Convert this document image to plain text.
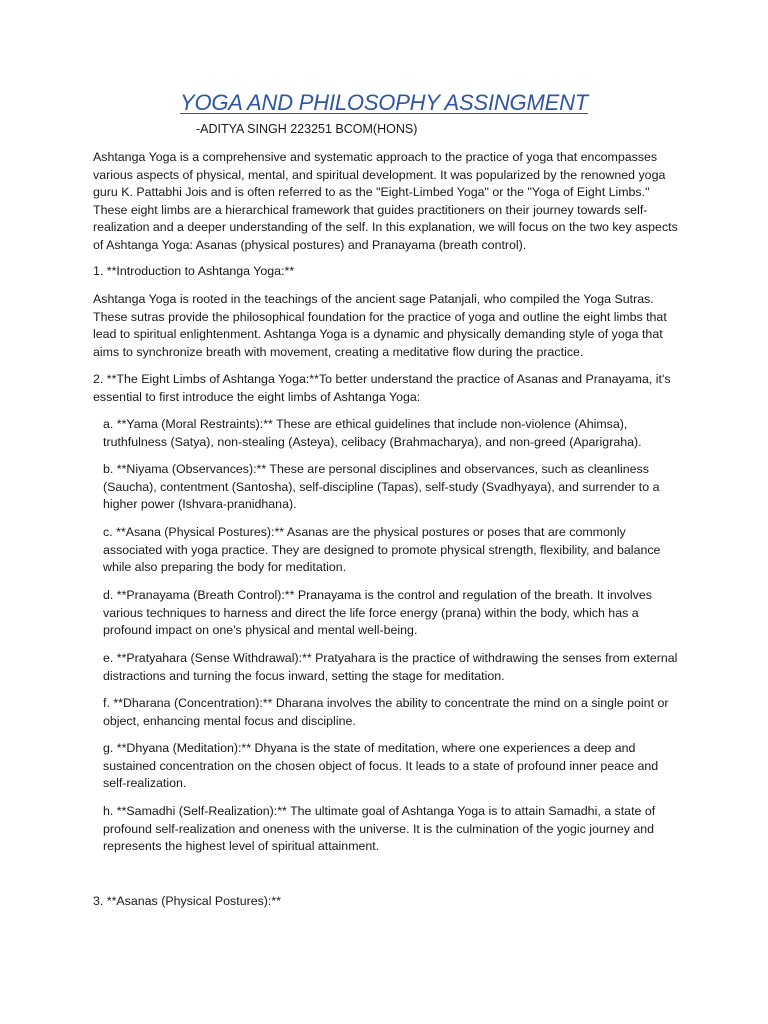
YOGA AND PHILOSOPHY ASSINGMENT
-ADITYA SINGH 223251 BCOM(HONS)

Ashtanga Yoga is a comprehensive and systematic approach to the practice of yoga that encompasses various aspects of physical, mental, and spiritual development. It was popularized by the renowned yoga guru K. Pattabhi Jois and is often referred to as the "Eight-Limbed Yoga" or the "Yoga of Eight Limbs." These eight limbs are a hierarchical framework that guides practitioners on their journey towards self-realization and a deeper understanding of the self. In this explanation, we will focus on the two key aspects of Ashtanga Yoga: Asanas (physical postures) and Pranayama (breath control).

1. **Introduction to Ashtanga Yoga:**

Ashtanga Yoga is rooted in the teachings of the ancient sage Patanjali, who compiled the Yoga Sutras. These sutras provide the philosophical foundation for the practice of yoga and outline the eight limbs that lead to spiritual enlightenment. Ashtanga Yoga is a dynamic and physically demanding style of yoga that aims to synchronize breath with movement, creating a meditative flow during the practice.

2. **The Eight Limbs of Ashtanga Yoga:**To better understand the practice of Asanas and Pranayama, it's essential to first introduce the eight limbs of Ashtanga Yoga:

a. **Yama (Moral Restraints):** These are ethical guidelines that include non-violence (Ahimsa), truthfulness (Satya), non-stealing (Asteya), celibacy (Brahmacharya), and non-greed (Aparigraha).

b. **Niyama (Observances):** These are personal disciplines and observances, such as cleanliness (Saucha), contentment (Santosha), self-discipline (Tapas), self-study (Svadhyaya), and surrender to a higher power (Ishvara-pranidhana).

c. **Asana (Physical Postures):** Asanas are the physical postures or poses that are commonly associated with yoga practice. They are designed to promote physical strength, flexibility, and balance while also preparing the body for meditation.

d. **Pranayama (Breath Control):** Pranayama is the control and regulation of the breath. It involves various techniques to harness and direct the life force energy (prana) within the body, which has a profound impact on one's physical and mental well-being.

e. **Pratyahara (Sense Withdrawal):** Pratyahara is the practice of withdrawing the senses from external distractions and turning the focus inward, setting the stage for meditation.

f. **Dharana (Concentration):** Dharana involves the ability to concentrate the mind on a single point or object, enhancing mental focus and discipline.

g. **Dhyana (Meditation):** Dhyana is the state of meditation, where one experiences a deep and sustained concentration on the chosen object of focus. It leads to a state of profound inner peace and self-realization.

h. **Samadhi (Self-Realization):** The ultimate goal of Ashtanga Yoga is to attain Samadhi, a state of profound self-realization and oneness with the universe. It is the culmination of the yogic journey and represents the highest level of spiritual attainment.

3. **Asanas (Physical Postures):**
